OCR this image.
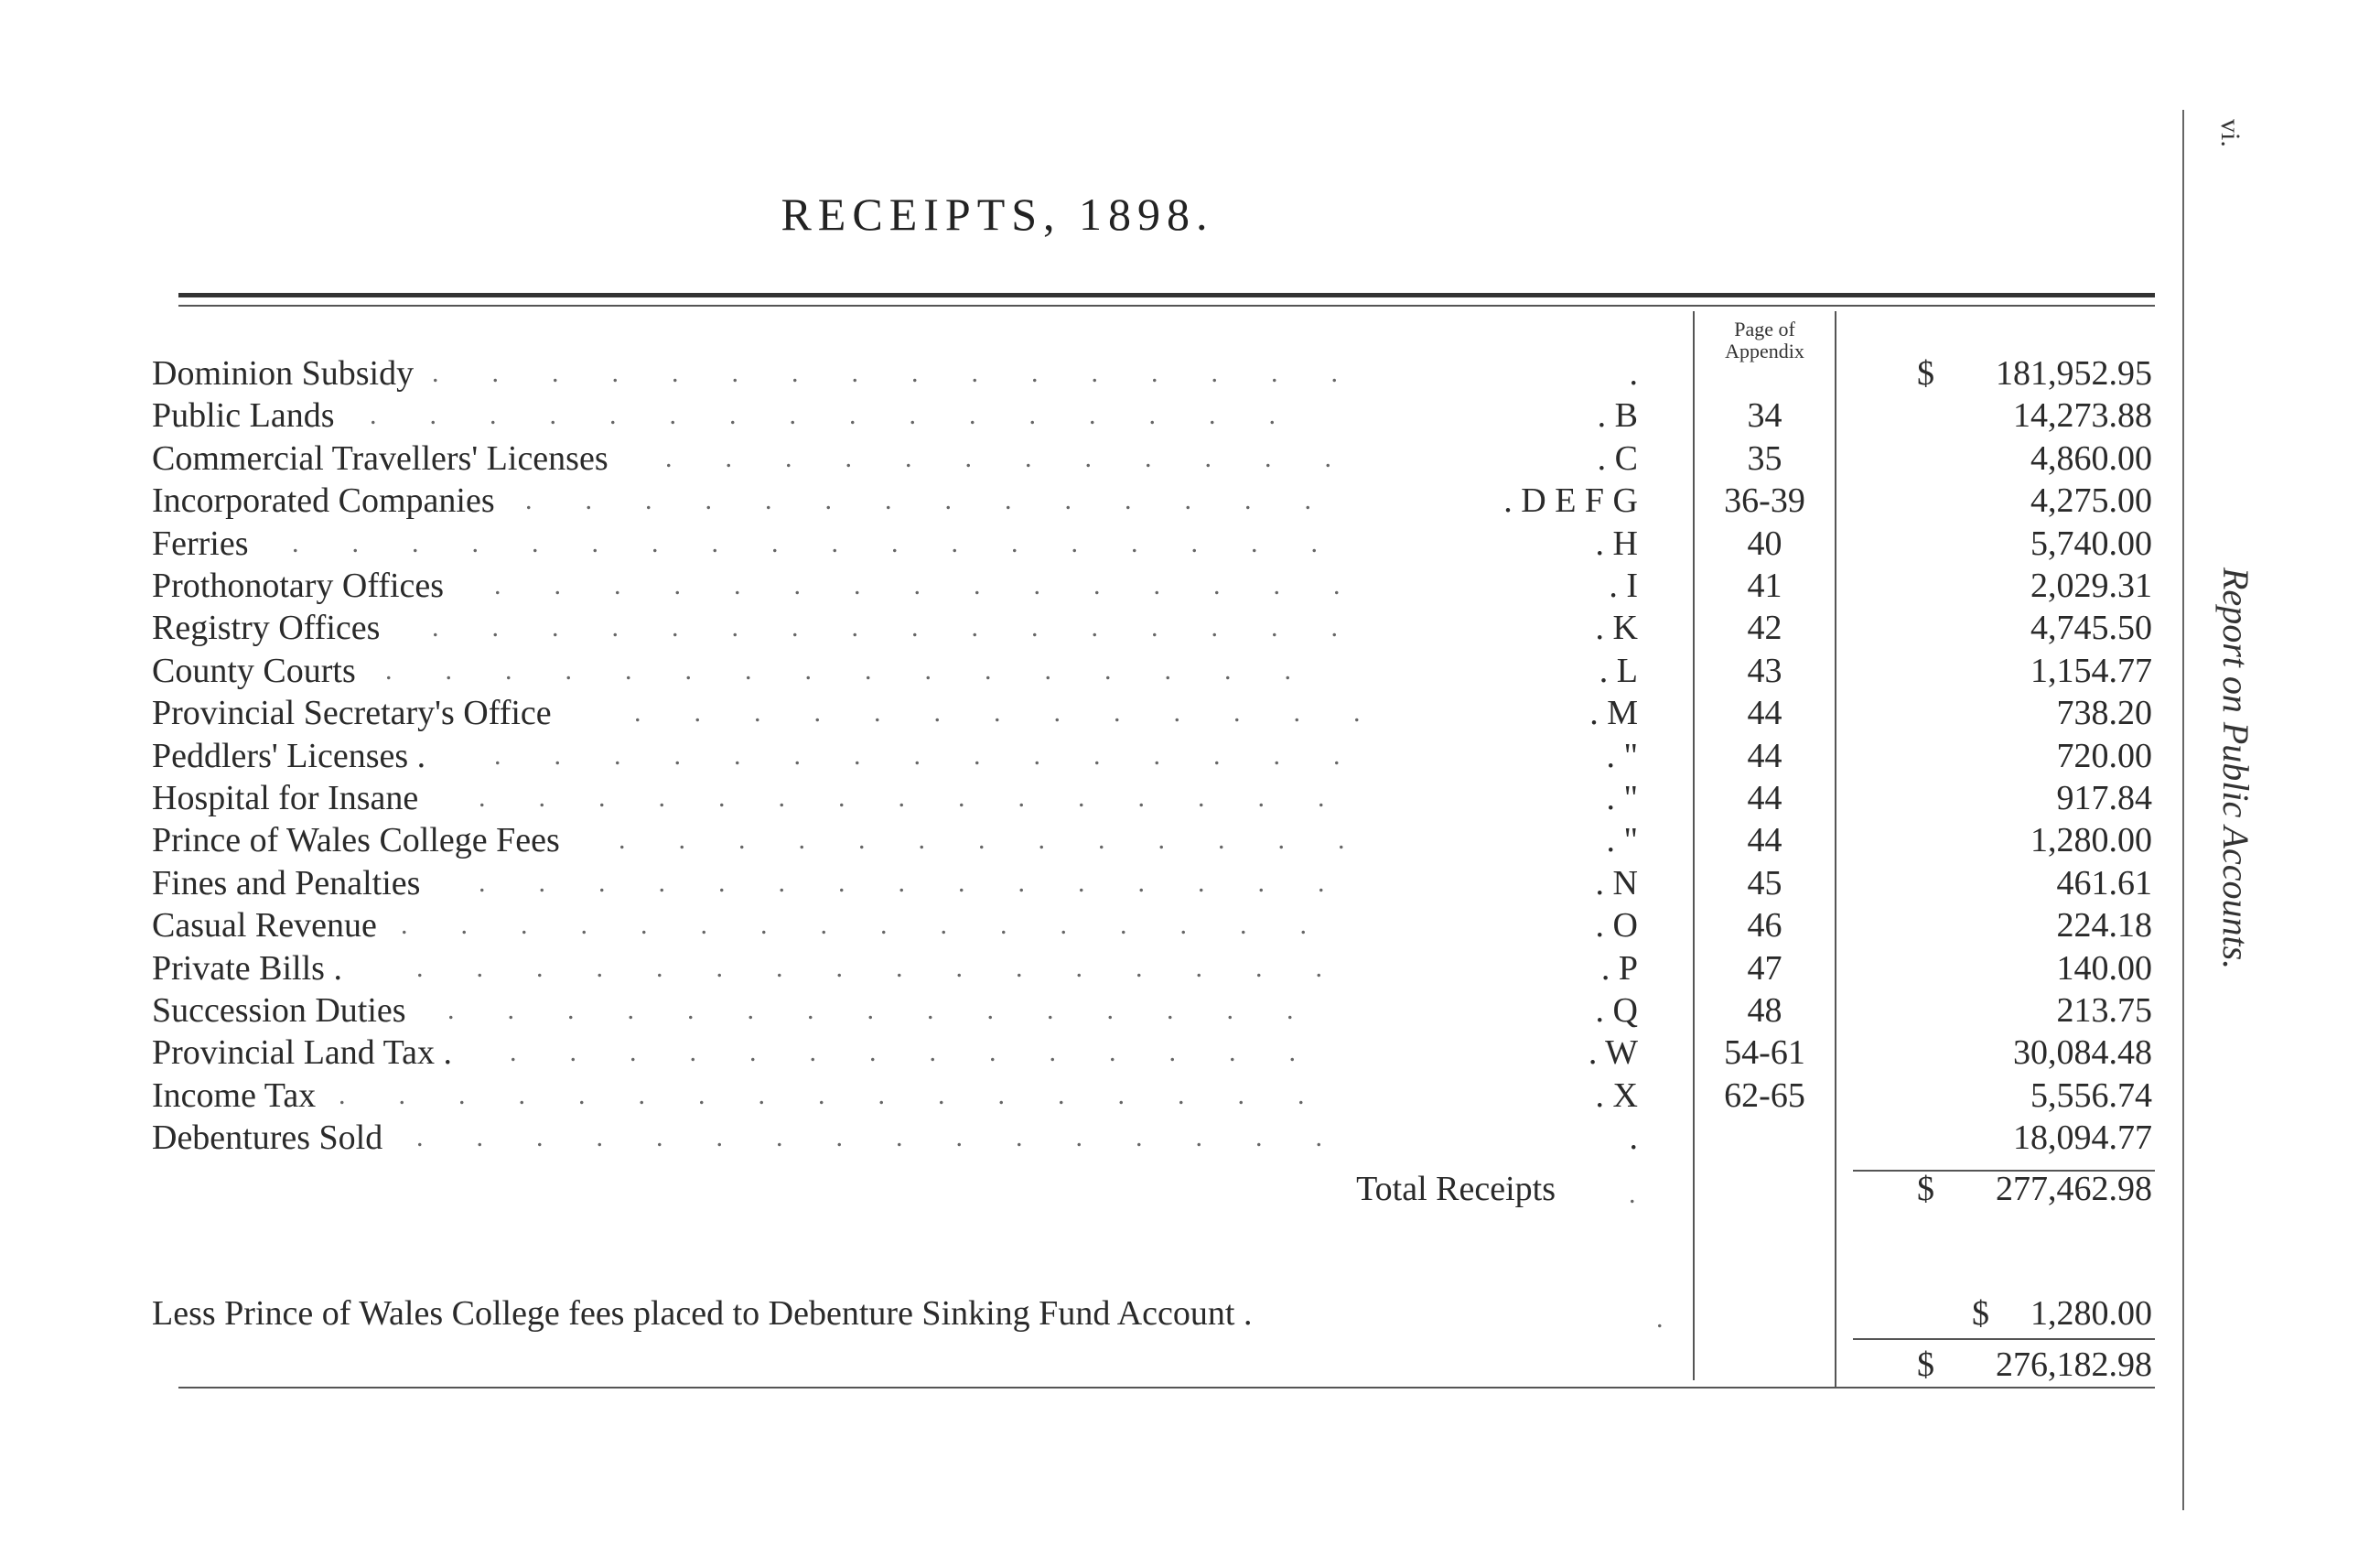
RECEIPTS, 1898.
Page of
Appendix
Dominion Subsidy ................	.	$	181,952.95
Public Lands ................	. B	34	14,273.88
Commercial Travellers' Licenses ............	. C	35	4,860.00
Incorporated Companies ..............	. D E F G	36-39	4,275.00
Ferries ..................	. H	40	5,740.00
Prothonotary Offices ...............	. I	41	2,029.31
Registry Offices ................	. K	42	4,745.50
County Courts ................	. L	43	1,154.77
Provincial Secretary's Office	.............	. M	44	738.20
Peddlers' Licenses . ...............	. "	44	720.00
Hospital for Insane ...............	. "	44	917.84
Prince of Wales College Fees .............	. "	44	1,280.00
Fines and Penalties ...............	. N	45	461.61
Casual Revenue ................	. O	46	224.18
Private Bills .	................	. P	47	140.00
Succession Duties ...............	. Q	48	213.75
Provincial Land Tax . ..............	. W	54-61	30,084.48
Income Tax .................	. X	62-65	5,556.74
Debentures Sold ................	.	18,094.77
Total Receipts	.	$	277,462.98
Less Prince of Wales College fees placed to Debenture Sinking Fund Account .	.	$	1,280.00
$	276,182.98
vi.
Report on Public Accounts.
